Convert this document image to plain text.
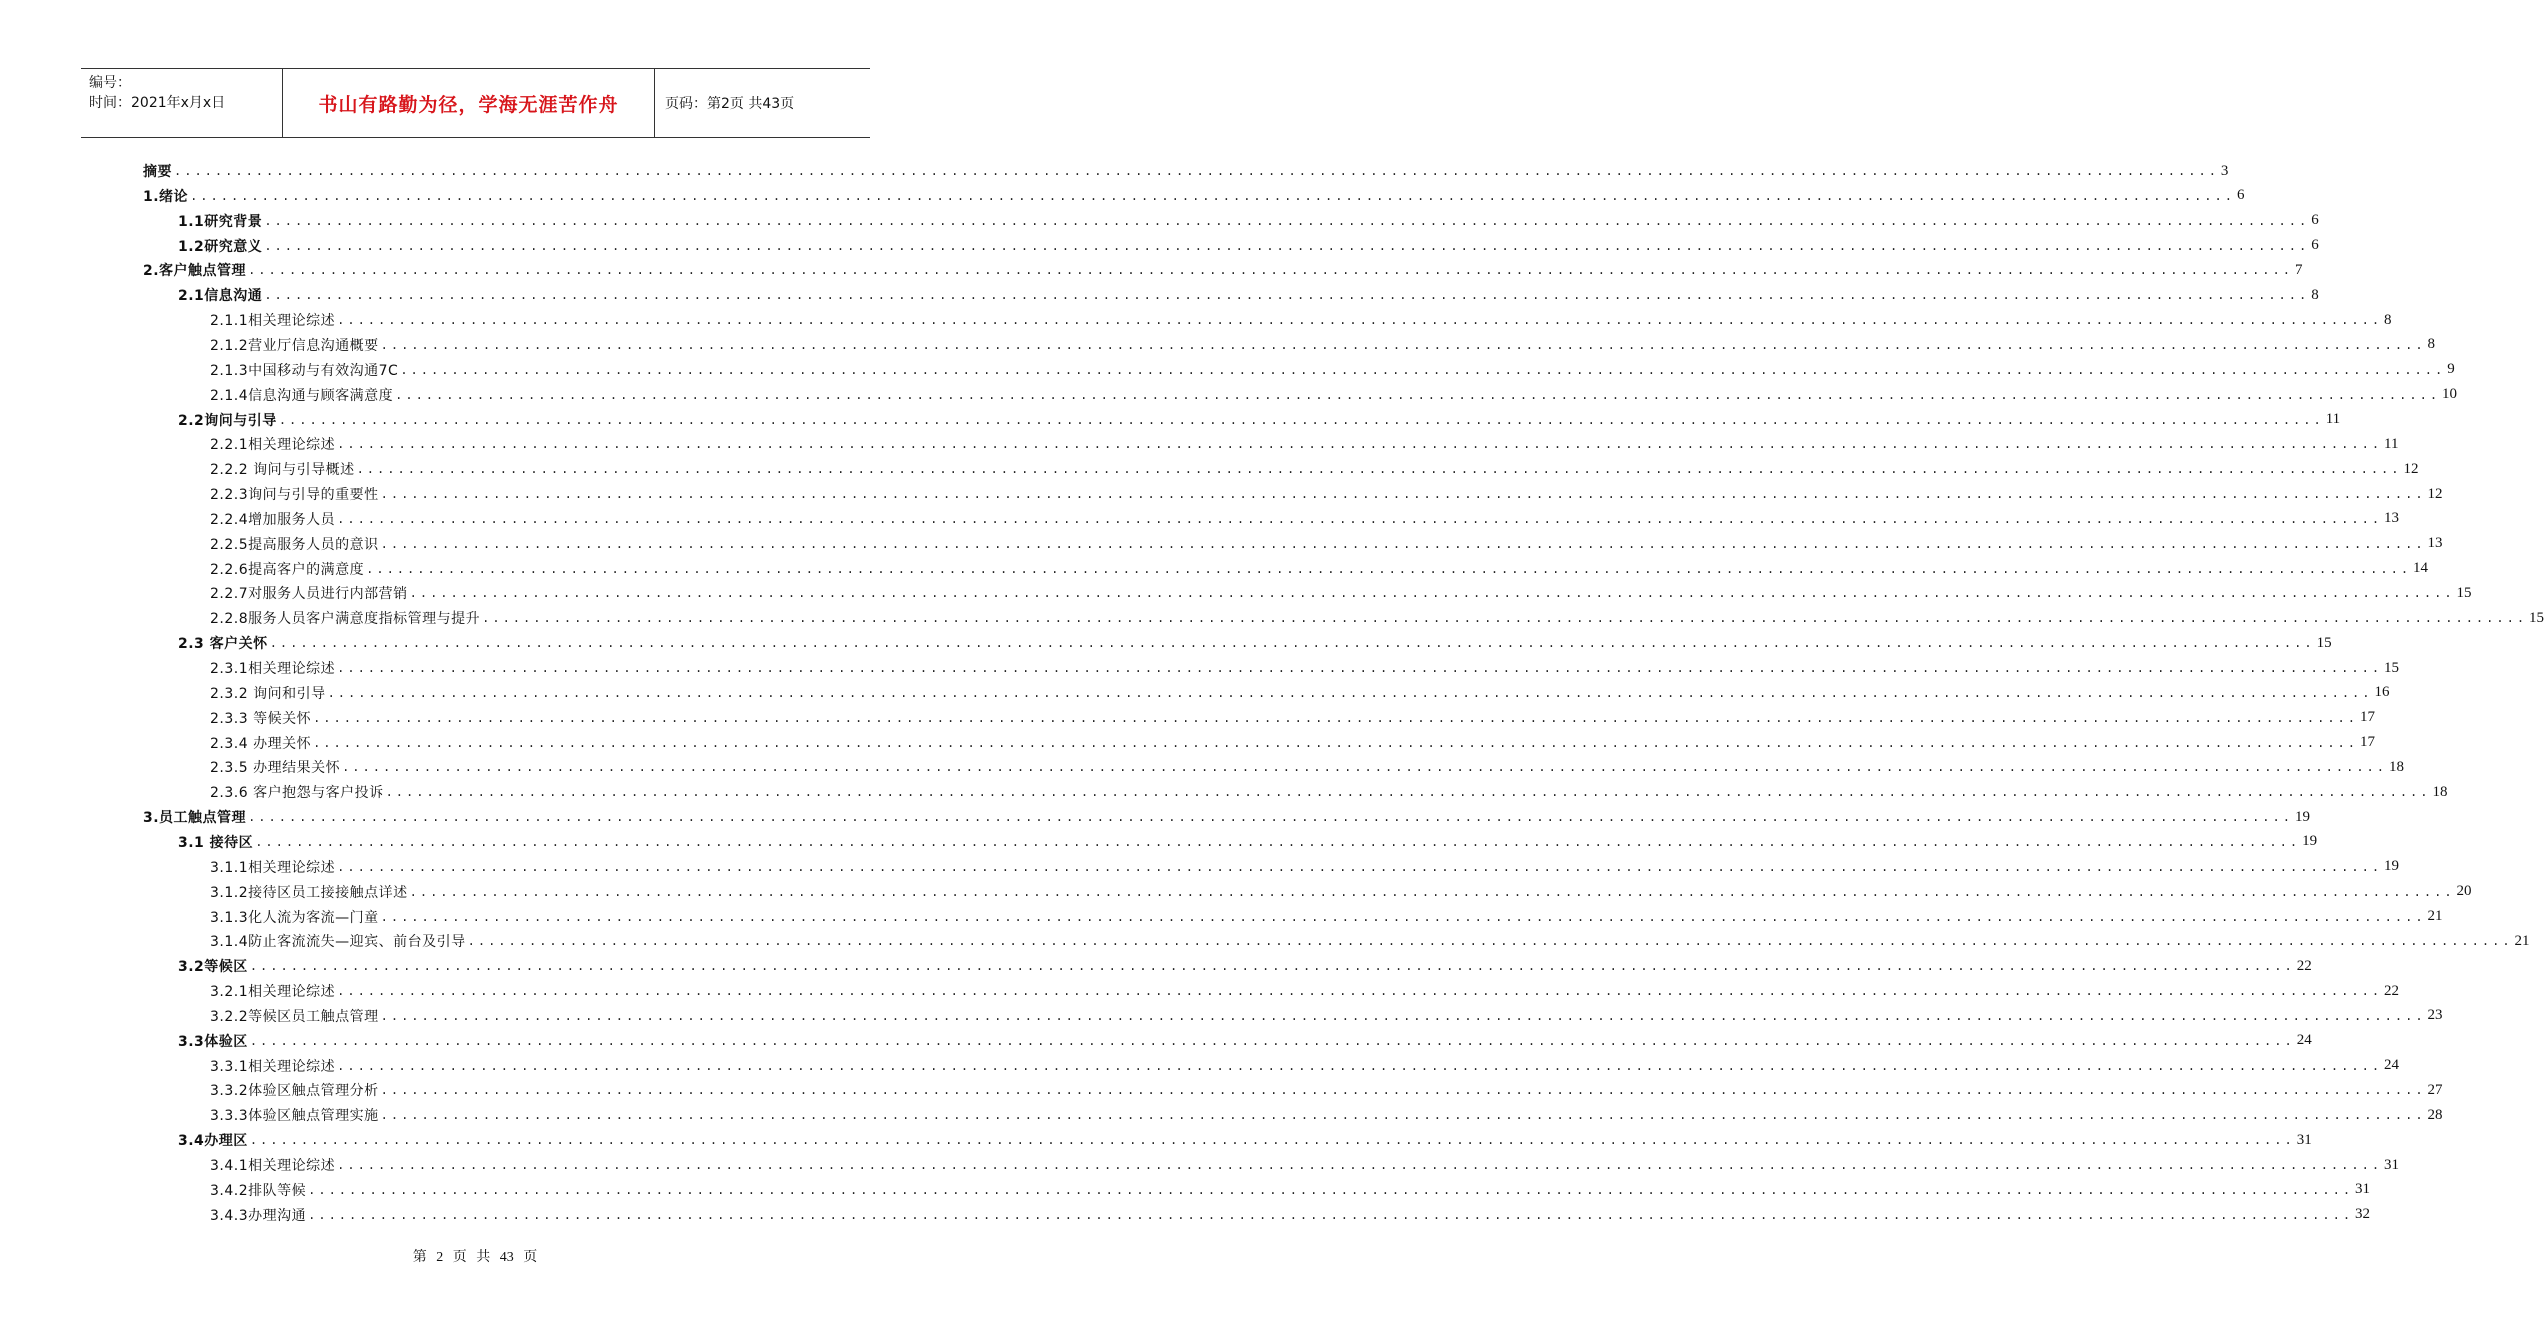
编号：
时间：2021年x月x日	书山有路勤为径，学海无涯苦作舟	页码：第2页 共43页
摘要 ........................................................................................................................................................................................................ 3
1.绪论 ........................................................................................................................................................................................................ 6
1.1研究背景 ........................................................................................................................................................................................................ 6
1.2研究意义 ........................................................................................................................................................................................................ 6
2.客户触点管理 ........................................................................................................................................................................................................ 7
2.1信息沟通 ........................................................................................................................................................................................................ 8
2.1.1相关理论综述 ........................................................................................................................................................................................................ 8
2.1.2营业厅信息沟通概要 ........................................................................................................................................................................................................ 8
2.1.3中国移动与有效沟通7C ........................................................................................................................................................................................................ 9
2.1.4信息沟通与顾客满意度 ........................................................................................................................................................................................................ 10
2.2询问与引导 ........................................................................................................................................................................................................ 11
2.2.1相关理论综述 ........................................................................................................................................................................................................ 11
2.2.2 询问与引导概述 ........................................................................................................................................................................................................ 12
2.2.3询问与引导的重要性 ........................................................................................................................................................................................................ 12
2.2.4增加服务人员 ........................................................................................................................................................................................................ 13
2.2.5提高服务人员的意识 ........................................................................................................................................................................................................ 13
2.2.6提高客户的满意度 ........................................................................................................................................................................................................ 14
2.2.7对服务人员进行内部营销 ........................................................................................................................................................................................................ 15
2.2.8服务人员客户满意度指标管理与提升 ........................................................................................................................................................................................................ 15
2.3 客户关怀 ........................................................................................................................................................................................................ 15
2.3.1相关理论综述 ........................................................................................................................................................................................................ 15
2.3.2 询问和引导 ........................................................................................................................................................................................................ 16
2.3.3 等候关怀 ........................................................................................................................................................................................................ 17
2.3.4 办理关怀 ........................................................................................................................................................................................................ 17
2.3.5 办理结果关怀 ........................................................................................................................................................................................................ 18
2.3.6 客户抱怨与客户投诉 ........................................................................................................................................................................................................ 18
3.员工触点管理 ........................................................................................................................................................................................................ 19
3.1 接待区 ........................................................................................................................................................................................................ 19
3.1.1相关理论综述 ........................................................................................................................................................................................................ 19
3.1.2接待区员工接接触点详述 ........................................................................................................................................................................................................ 20
3.1.3化人流为客流—门童 ........................................................................................................................................................................................................ 21
3.1.4防止客流流失—迎宾、前台及引导 ........................................................................................................................................................................................................ 21
3.2等候区 ........................................................................................................................................................................................................ 22
3.2.1相关理论综述 ........................................................................................................................................................................................................ 22
3.2.2等候区员工触点管理 ........................................................................................................................................................................................................ 23
3.3体验区 ........................................................................................................................................................................................................ 24
3.3.1相关理论综述 ........................................................................................................................................................................................................ 24
3.3.2体验区触点管理分析 ........................................................................................................................................................................................................ 27
3.3.3体验区触点管理实施 ........................................................................................................................................................................................................ 28
3.4办理区 ........................................................................................................................................................................................................ 31
3.4.1相关理论综述 ........................................................................................................................................................................................................ 31
3.4.2排队等候 ........................................................................................................................................................................................................ 31
3.4.3办理沟通 ........................................................................................................................................................................................................ 32
第 2 页 共 43 页
